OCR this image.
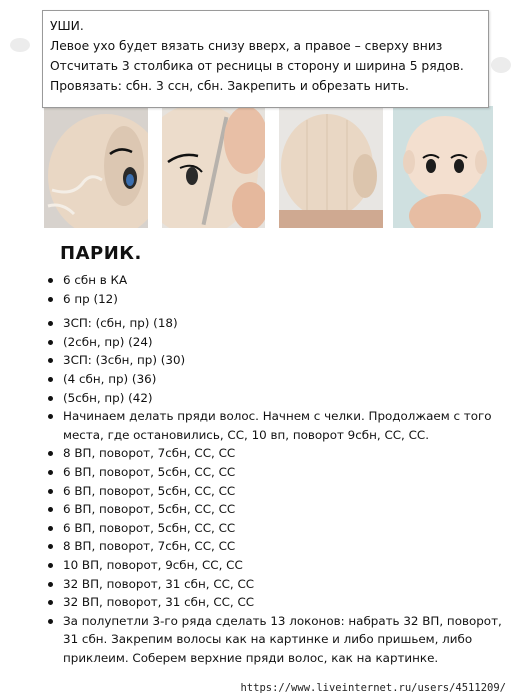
УШИ.
Левое ухо будет вязать снизу вверх, а правое – сверху вниз
Отсчитать 3 столбика от ресницы в сторону и ширина 5 рядов.
Провязать: сбн. 3 ссн, сбн. Закрепить и обрезать нить.
ПАРИК.
6 сбн в КА
6 пр (12)
3СП: (сбн, пр) (18)
(2сбн, пр) (24)
3СП: (3сбн, пр) (30)
(4 сбн, пр) (36)
(5сбн, пр) (42)
Начинаем делать пряди волос. Начнем с челки. Продолжаем с того места, где остановились, СС, 10 вп, поворот 9сбн, СС, СС.
8 ВП, поворот, 7сбн, СС, СС
6 ВП, поворот, 5сбн, СС, СС
6 ВП, поворот, 5сбн, СС, СС
6 ВП, поворот, 5сбн, СС, СС
6 ВП, поворот, 5сбн, СС, СС
8 ВП, поворот, 7сбн, СС, СС
10 ВП, поворот, 9сбн, СС, СС
32 ВП, поворот, 31 сбн, СС, СС
32 ВП, поворот, 31 сбн, СС, СС
За полупетли 3-го ряда сделать 13 локонов: набрать 32 ВП, поворот, 31 сбн. Закрепим волосы как на картинке и либо пришьем, либо приклеим. Соберем верхние пряди волос, как на картинке.
https://www.liveinternet.ru/users/4511209/
